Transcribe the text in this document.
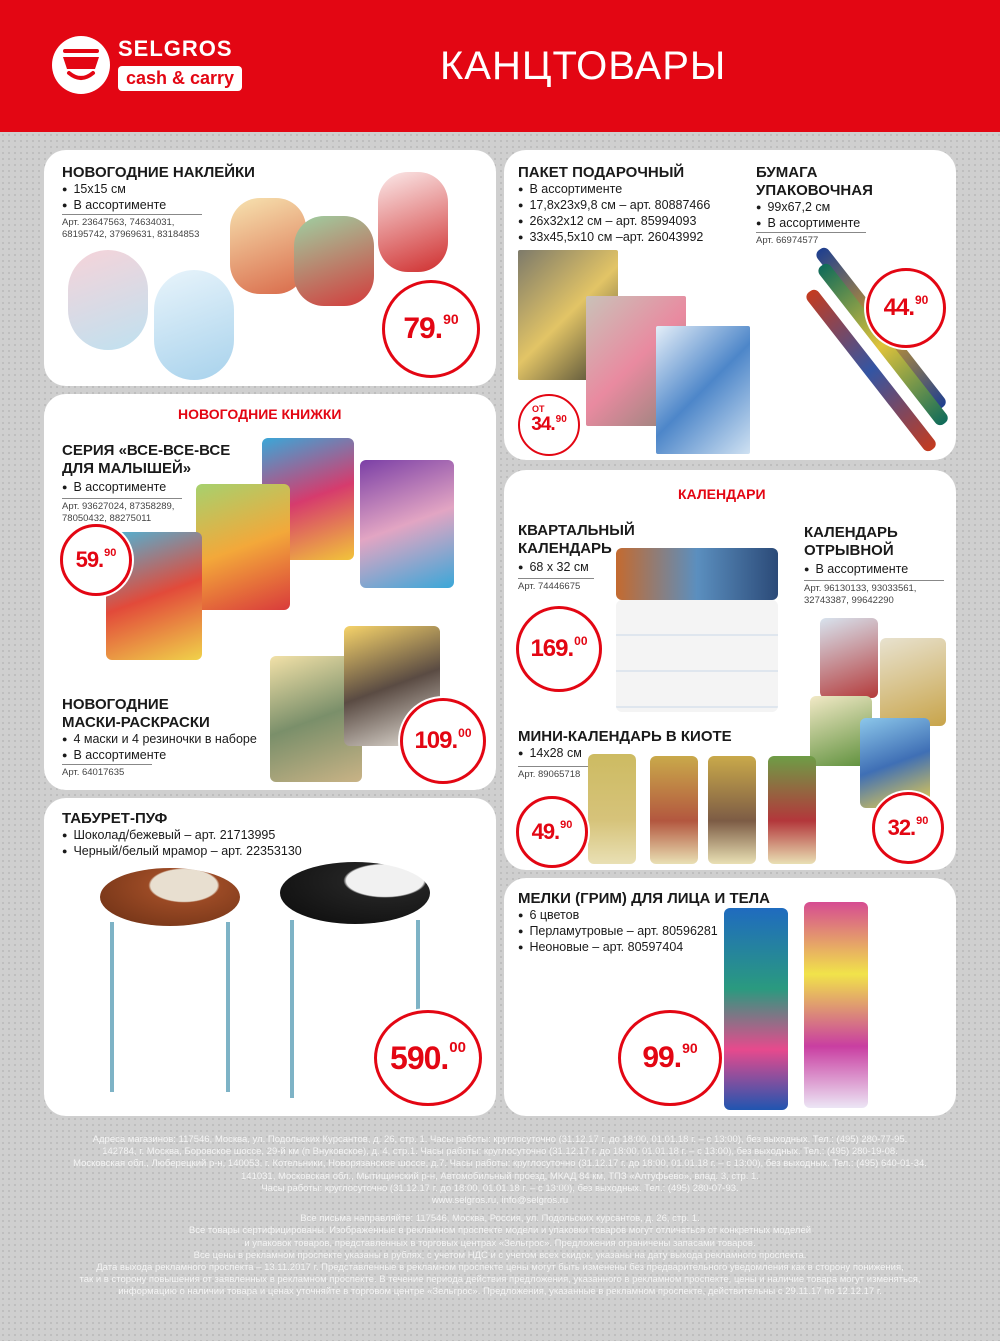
SELGROS
cash & carry	КАНЦТОВАРЫ
НОВОГОДНИЕ НАКЛЕЙКИ
● 15x15 см
● В ассортименте
Арт. 23647563, 74634031, 68195742, 37969631, 83184853
79. 90
ПАКЕТ ПОДАРОЧНЫЙ
● В ассортименте
● 17,8x23x9,8 см – арт. 80887466
● 26x32x12 см – арт. 85994093
● 33x45,5x10 см –арт. 26043992
ОТ
34. 90
БУМАГА
УПАКОВОЧНАЯ
● 99x67,2 см
● В ассортименте
Арт. 66974577
44. 90
НОВОГОДНИЕ КНИЖКИ
СЕРИЯ «ВСЕ-ВСЕ-ВСЕ
ДЛЯ МАЛЫШЕЙ»
● В ассортименте
Арт. 93627024, 87358289,
78050432, 88275011
59. 90
НОВОГОДНИЕ
МАСКИ-РАСКРАСКИ
● 4 маски и 4 резиночки в наборе
● В ассортименте
Арт. 64017635
109. 00
КАЛЕНДАРИ
КВАРТАЛЬНЫЙ
КАЛЕНДАРЬ
● 68 x 32 см
Арт. 74446675
169. 00
КАЛЕНДАРЬ
ОТРЫВНОЙ
● В ассортименте
Арт. 96130133, 93033561,
32743387, 99642290
32. 90
МИНИ-КАЛЕНДАРЬ В КИОТЕ
● 14x28 см
Арт. 89065718
49. 90
ТАБУРЕТ-ПУФ
● Шоколад/бежевый – арт. 21713995
● Черный/белый мрамор – арт. 22353130
590. 00
МЕЛКИ (ГРИМ) ДЛЯ ЛИЦА И ТЕЛА
● 6 цветов
● Перламутровые – арт. 80596281
● Неоновые – арт. 80597404
99. 90

Адреса магазинов: 117546, Москва, ул. Подольских Курсантов, д. 26, стр. 1. Часы работы: круглосуточно (31.12.17 г. до 18:00, 01.01.18 г. – с 13:00), без выходных. Тел.: (495) 280-77-95.

142784, г. Москва, Боровское шоссе, 29-й км (п Внуковское), д. 4, стр.1. Часы работы: круглосуточно (31.12.17 г. до 18:00, 01.01.18 г. – с 13:00), без выходных. Тел.: (495) 280-19-08.

Московская обл., Люберецкий р-н, 140053, г. Котельники, Новорязанское шоссе, д.7. Часы работы: круглосуточно (31.12.17 г. до 18:00, 01.01.18 г. – с 13:00), без выходных. Тел.: (495) 640-01-34.

141031, Московская обл., Мытищинский р-н, Автомобильный проезд, МКАД 84 км, ТПЗ «Алтуфьево», влад. 3, стр. 1.

Часы работы: круглосуточно (31.12.17 г. до 18:00, 01.01.18 г. – с 13:00), без выходных. Тел.: (495) 280-07-93.

www.selgros.ru, info@selgros.ru

Все письма направляйте: 117546, Москва, Россия, ул. Подольских курсантов, д. 26, стр. 1.

Все товары сертифицированы. Изображенные в рекламном проспекте модели и упаковки товаров могут отличаться от конкретных моделей

и упаковок товаров, представленных в торговых центрах «Зельгрос». Предложения ограничены запасами товаров.

Все цены в рекламном проспекте указаны в рублях, с учетом НДС и с учетом всех скидок, указаны на дату выхода рекламного проспекта.

Дата выхода рекламного проспекта – 13.11.2017 г. Представленные в рекламном проспекте цены могут быть изменены без предварительного уведомления как в сторону понижения,

так и в сторону повышения от заявленных в рекламном проспекте. В течение периода действия предложения, указанного в рекламном проспекте, цены и наличие товара могут изменяться,

информацию о наличии товара и ценах уточняйте в торговом центре «Зельгрос». Предложения, указанные в рекламном проспекте, действительны с 29.11.17 по 12.12.17 г.
